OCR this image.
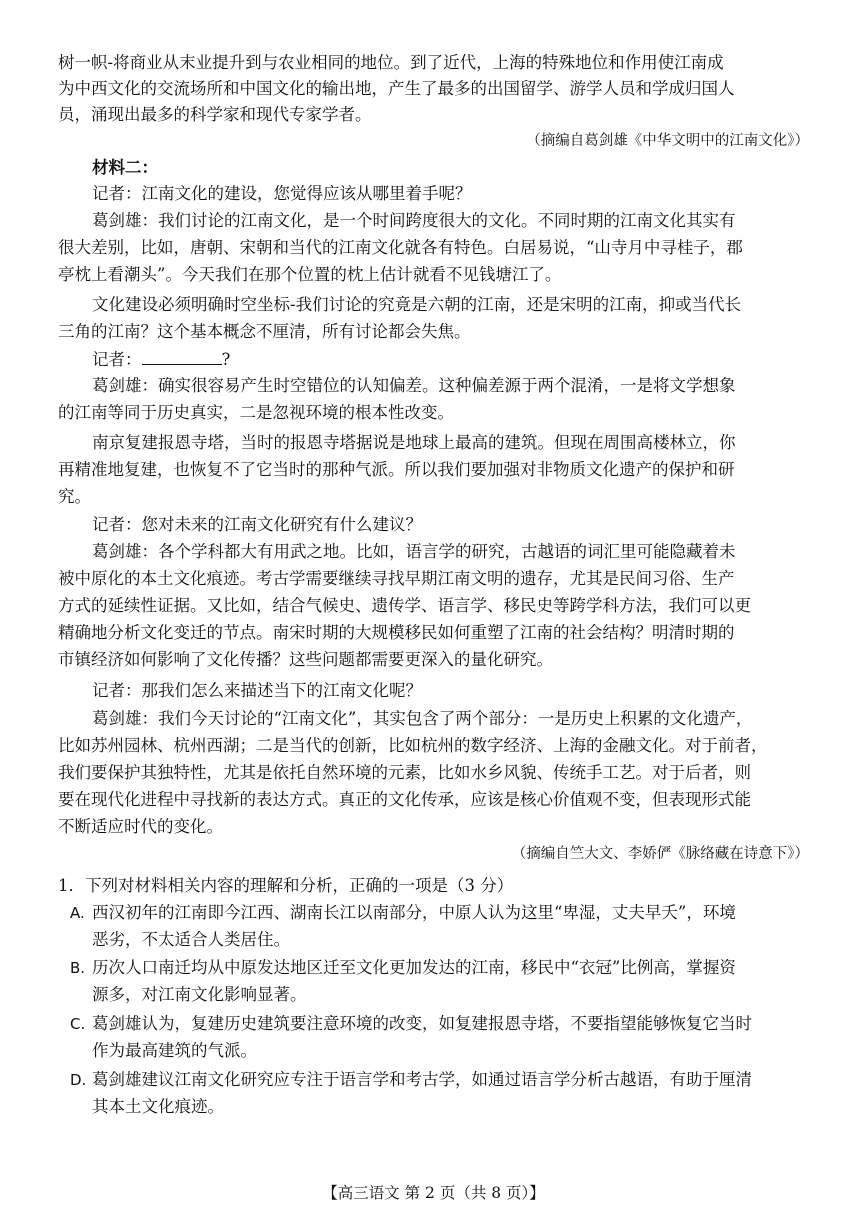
树一帜-将商业从末业提升到与农业相同的地位。到了近代，上海的特殊地位和作用使江南成
为中西文化的交流场所和中国文化的输出地，产生了最多的出国留学、游学人员和学成归国人
员，涌现出最多的科学家和现代专家学者。
（摘编自葛剑雄《中华文明中的江南文化》）
材料二：
记者：江南文化的建设，您觉得应该从哪里着手呢？
葛剑雄：我们讨论的江南文化，是一个时间跨度很大的文化。不同时期的江南文化其实有
很大差别，比如，唐朝、宋朝和当代的江南文化就各有特色。白居易说，“山寺月中寻桂子，郡
亭枕上看潮头”。今天我们在那个位置的枕上估计就看不见钱塘江了。
文化建设必须明确时空坐标-我们讨论的究竟是六朝的江南，还是宋明的江南，抑或当代长
三角的江南？这个基本概念不厘清，所有讨论都会失焦。
记者：	?
葛剑雄：确实很容易产生时空错位的认知偏差。这种偏差源于两个混淆，一是将文学想象
的江南等同于历史真实，二是忽视环境的根本性改变。
南京复建报恩寺塔，当时的报恩寺塔据说是地球上最高的建筑。但现在周围高楼林立，你
再精准地复建，也恢复不了它当时的那种气派。所以我们要加强对非物质文化遗产的保护和研
究。
记者：您对未来的江南文化研究有什么建议？
葛剑雄：各个学科都大有用武之地。比如，语言学的研究，古越语的词汇里可能隐藏着未
被中原化的本土文化痕迹。考古学需要继续寻找早期江南文明的遗存，尤其是民间习俗、生产
方式的延续性证据。又比如，结合气候史、遗传学、语言学、移民史等跨学科方法，我们可以更
精确地分析文化变迁的节点。南宋时期的大规模移民如何重塑了江南的社会结构？明清时期的
市镇经济如何影响了文化传播？这些问题都需要更深入的量化研究。
记者：那我们怎么来描述当下的江南文化呢？
葛剑雄：我们今天讨论的“江南文化”，其实包含了两个部分：一是历史上积累的文化遗产，
比如苏州园林、杭州西湖；二是当代的创新，比如杭州的数字经济、上海的金融文化。对于前者，
我们要保护其独特性，尤其是依托自然环境的元素，比如水乡风貌、传统手工艺。对于后者，则
要在现代化进程中寻找新的表达方式。真正的文化传承，应该是核心价值观不变，但表现形式能
不断适应时代的变化。
（摘编自竺大文、李娇俨《脉络藏在诗意下》）
1．下列对材料相关内容的理解和分析，正确的一项是（3 分）
A. 西汉初年的江南即今江西、湖南长江以南部分，中原人认为这里“卑湿，丈夫早夭”，环境
恶劣，不太适合人类居住。
B. 历次人口南迁均从中原发达地区迁至文化更加发达的江南，移民中“衣冠”比例高，掌握资
源多，对江南文化影响显著。
C. 葛剑雄认为，复建历史建筑要注意环境的改变，如复建报恩寺塔，不要指望能够恢复它当时
作为最高建筑的气派。
D. 葛剑雄建议江南文化研究应专注于语言学和考古学，如通过语言学分析古越语，有助于厘清
其本土文化痕迹。
【高三语文 第 2 页（共 8 页）】
